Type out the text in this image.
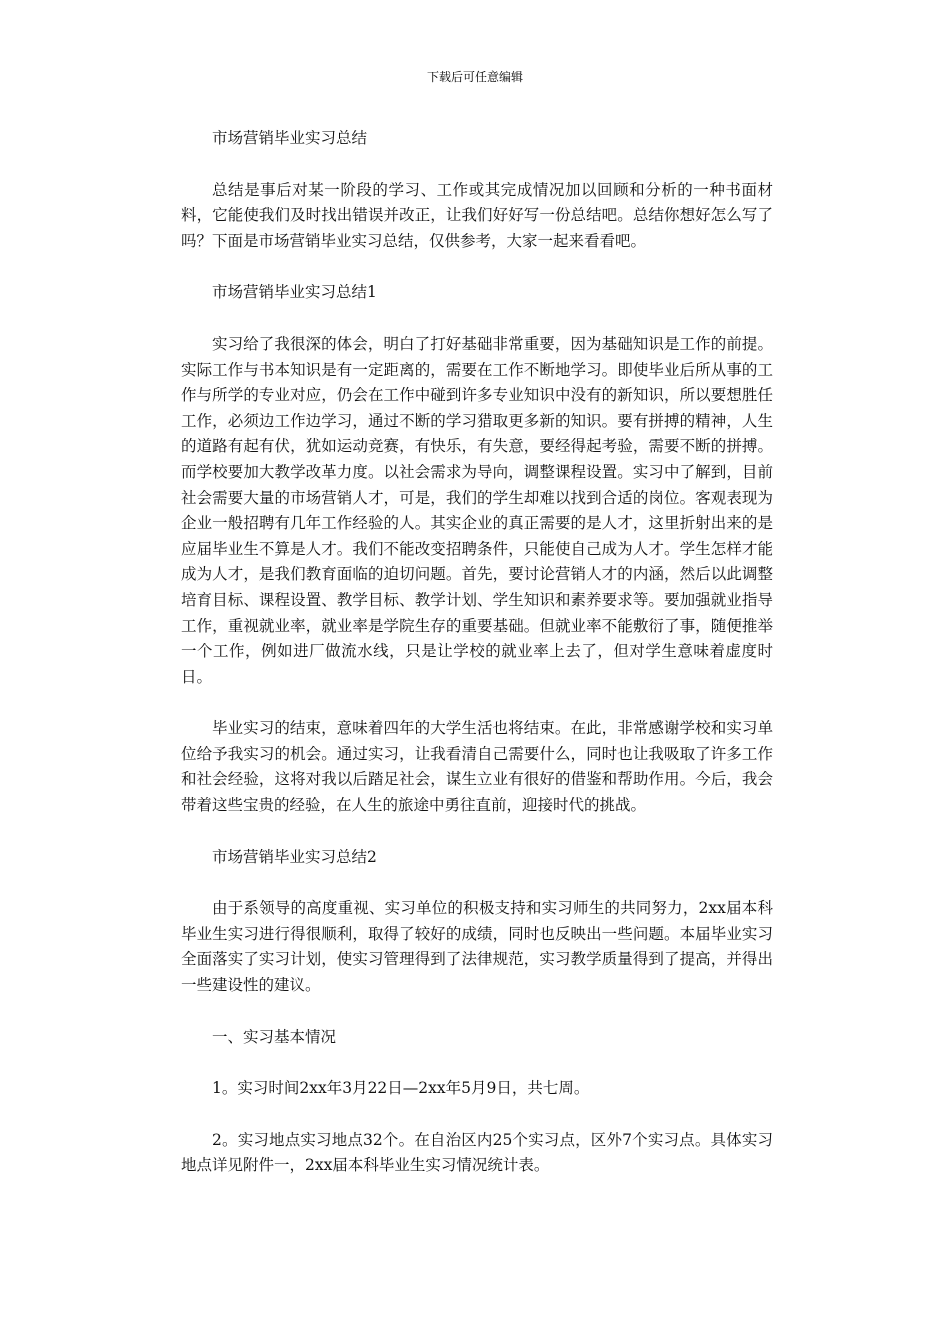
下载后可任意编辑

市场营销毕业实习总结

总结是事后对某一阶段的学习、工作或其完成情况加以回顾和分析的一种书面材料，它能使我们及时找出错误并改正，让我们好好写一份总结吧。总结你想好怎么写了吗？下面是市场营销毕业实习总结，仅供参考，大家一起来看看吧。

市场营销毕业实习总结1

实习给了我很深的体会，明白了打好基础非常重要，因为基础知识是工作的前提。实际工作与书本知识是有一定距离的，需要在工作不断地学习。即使毕业后所从事的工作与所学的专业对应，仍会在工作中碰到许多专业知识中没有的新知识，所以要想胜任工作，必须边工作边学习，通过不断的学习猎取更多新的知识。要有拼搏的精神，人生的道路有起有伏，犹如运动竞赛，有快乐，有失意，要经得起考验，需要不断的拼搏。而学校要加大教学改革力度。以社会需求为导向，调整课程设置。实习中了解到，目前社会需要大量的市场营销人才，可是，我们的学生却难以找到合适的岗位。客观表现为企业一般招聘有几年工作经验的人。其实企业的真正需要的是人才，这里折射出来的是应届毕业生不算是人才。我们不能改变招聘条件，只能使自己成为人才。学生怎样才能成为人才，是我们教育面临的迫切问题。首先，要讨论营销人才的内涵，然后以此调整培育目标、课程设置、教学目标、教学计划、学生知识和素养要求等。要加强就业指导工作，重视就业率，就业率是学院生存的重要基础。但就业率不能敷衍了事，随便推举一个工作，例如进厂做流水线，只是让学校的就业率上去了，但对学生意味着虚度时日。

毕业实习的结束，意味着四年的大学生活也将结束。在此，非常感谢学校和实习单位给予我实习的机会。通过实习，让我看清自己需要什么，同时也让我吸取了许多工作和社会经验，这将对我以后踏足社会，谋生立业有很好的借鉴和帮助作用。今后，我会带着这些宝贵的经验，在人生的旅途中勇往直前，迎接时代的挑战。

市场营销毕业实习总结2

由于系领导的高度重视、实习单位的积极支持和实习师生的共同努力，2xx届本科毕业生实习进行得很顺利，取得了较好的成绩，同时也反映出一些问题。本届毕业实习全面落实了实习计划，使实习管理得到了法律规范，实习教学质量得到了提高，并得出一些建设性的建议。

一、实习基本情况

1。实习时间2xx年3月22日—2xx年5月9日，共七周。

2。实习地点实习地点32个。在自治区内25个实习点，区外7个实习点。具体实习地点详见附件一，2xx届本科毕业生实习情况统计表。
